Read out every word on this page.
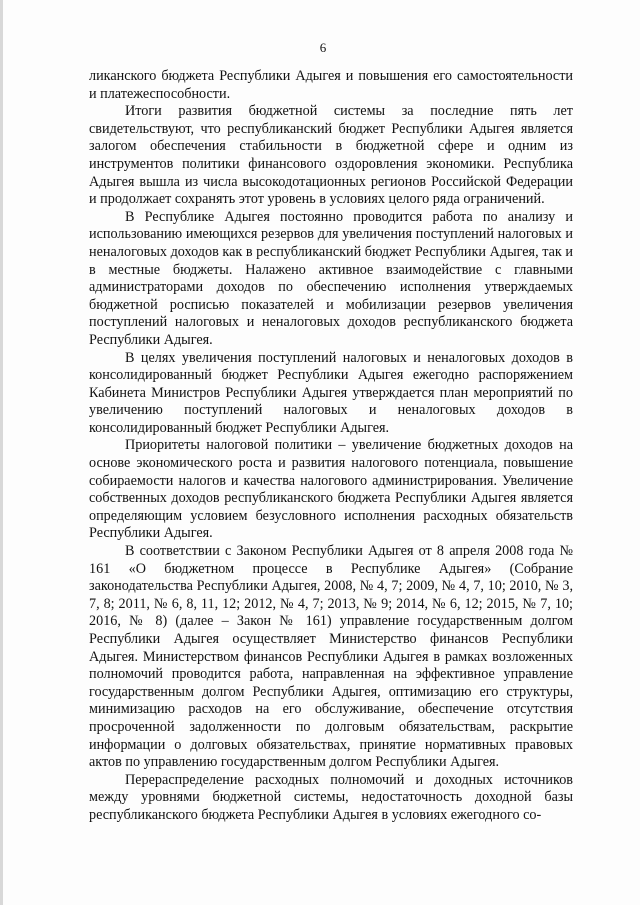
6

ликанского бюджета Республики Адыгея и повышения его самостоятельности и платежеспособности.

Итоги развития бюджетной системы за последние пять лет свидетельствуют, что республиканский бюджет Республики Адыгея является залогом обеспечения стабильности в бюджетной сфере и одним из инструментов политики финансового оздоровления экономики. Республика Адыгея вышла из числа высокодотационных регионов Российской Федерации и продолжает сохранять этот уровень в условиях целого ряда ограничений.

В Республике Адыгея постоянно проводится работа по анализу и использованию имеющихся резервов для увеличения поступлений налоговых и неналоговых доходов как в республиканский бюджет Республики Адыгея, так и в местные бюджеты. Налажено активное взаимодействие с главными администраторами доходов по обеспечению исполнения утверждаемых бюджетной росписью показателей и мобилизации резервов увеличения поступлений налоговых и неналоговых доходов республиканского бюджета Республики Адыгея.

В целях увеличения поступлений налоговых и неналоговых доходов в консолидированный бюджет Республики Адыгея ежегодно распоряжением Кабинета Министров Республики Адыгея утверждается план мероприятий по увеличению поступлений налоговых и неналоговых доходов в консолидированный бюджет Республики Адыгея.

Приоритеты налоговой политики – увеличение бюджетных доходов на основе экономического роста и развития налогового потенциала, повышение собираемости налогов и качества налогового администрирования. Увеличение собственных доходов республиканского бюджета Республики Адыгея является определяющим условием безусловного исполнения расходных обязательств Республики Адыгея.

В соответствии с Законом Республики Адыгея от 8 апреля 2008 года № 161 «О бюджетном процессе в Республике Адыгея» (Собрание законодательства Республики Адыгея, 2008, № 4, 7; 2009, № 4, 7, 10; 2010, № 3, 7, 8; 2011, № 6, 8, 11, 12; 2012, № 4, 7; 2013, № 9; 2014, № 6, 12; 2015, № 7, 10; 2016, № 8) (далее – Закон № 161) управление государственным долгом Республики Адыгея осуществляет Министерство финансов Республики Адыгея. Министерством финансов Республики Адыгея в рамках возложенных полномочий проводится работа, направленная на эффективное управление государственным долгом Республики Адыгея, оптимизацию его структуры, минимизацию расходов на его обслуживание, обеспечение отсутствия просроченной задолженности по долговым обязательствам, раскрытие информации о долговых обязательствах, принятие нормативных правовых актов по управлению государственным долгом Республики Адыгея.

Перераспределение расходных полномочий и доходных источников между уровнями бюджетной системы, недостаточность доходной базы республиканского бюджета Республики Адыгея в условиях ежегодного со-
